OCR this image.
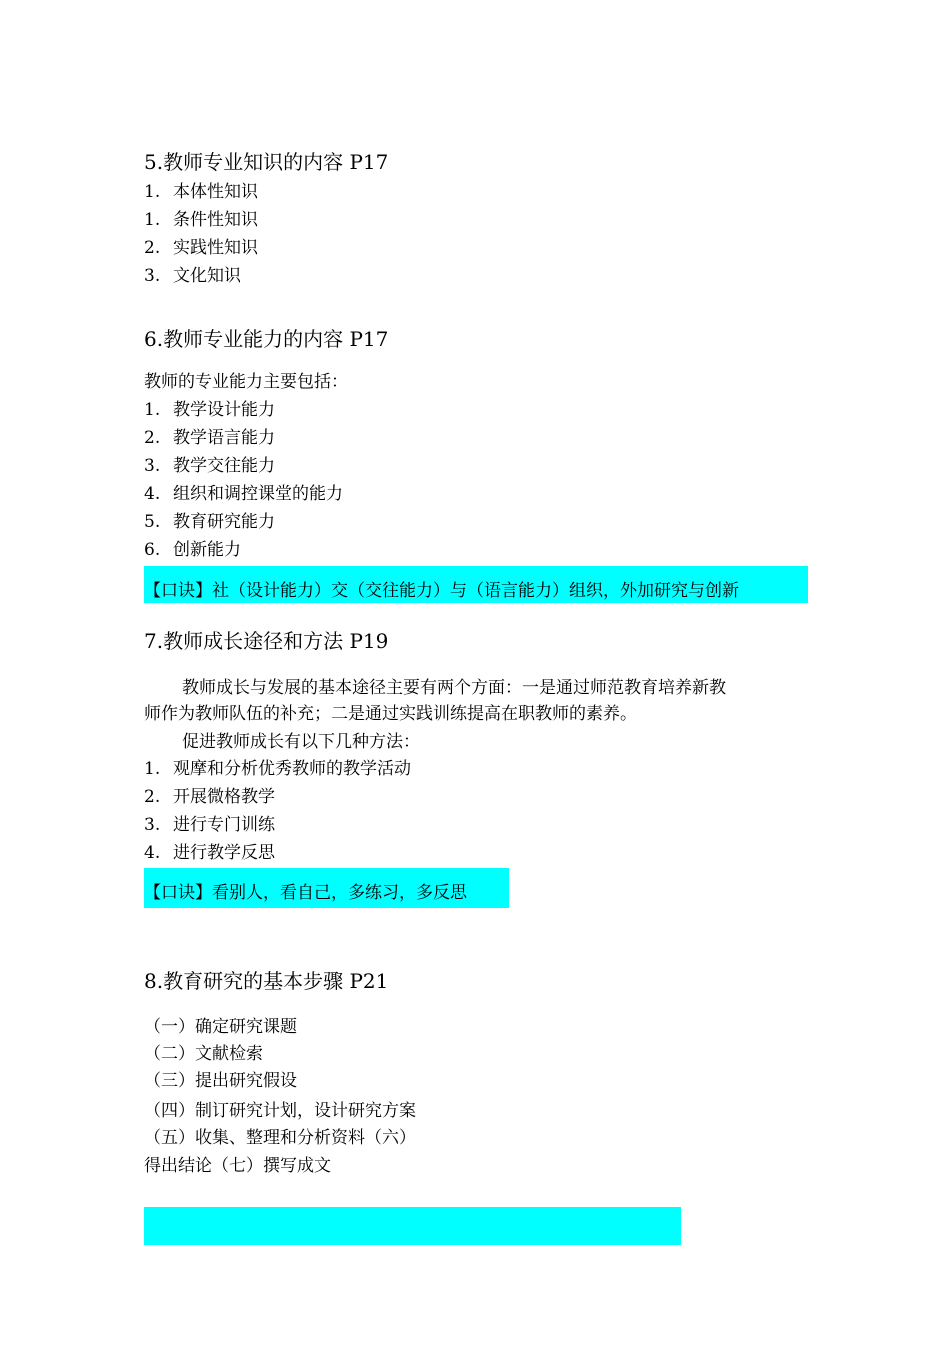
5.教师专业知识的内容 P17
1. 本体性知识
1. 条件性知识
2. 实践性知识
3. 文化知识
6.教师专业能力的内容 P17
教师的专业能力主要包括：
1. 教学设计能力
2. 教学语言能力
3. 教学交往能力
4. 组织和调控课堂的能力
5. 教育研究能力
6. 创新能力
【口诀】社（设计能力）交（交往能力）与（语言能力）组织，外加研究与创新
7.教师成长途径和方法 P19
教师成长与发展的基本途径主要有两个方面：一是通过师范教育培养新教
师作为教师队伍的补充；二是通过实践训练提高在职教师的素养。
促进教师成长有以下几种方法：
1. 观摩和分析优秀教师的教学活动
2. 开展微格教学
3. 进行专门训练
4. 进行教学反思
【口诀】看别人，看自己，多练习，多反思
8.教育研究的基本步骤 P21
（一）确定研究课题
（二）文献检索
（三）提出研究假设
（四）制订研究计划，设计研究方案
（五）收集、整理和分析资料（六）
得出结论（七）撰写成文
